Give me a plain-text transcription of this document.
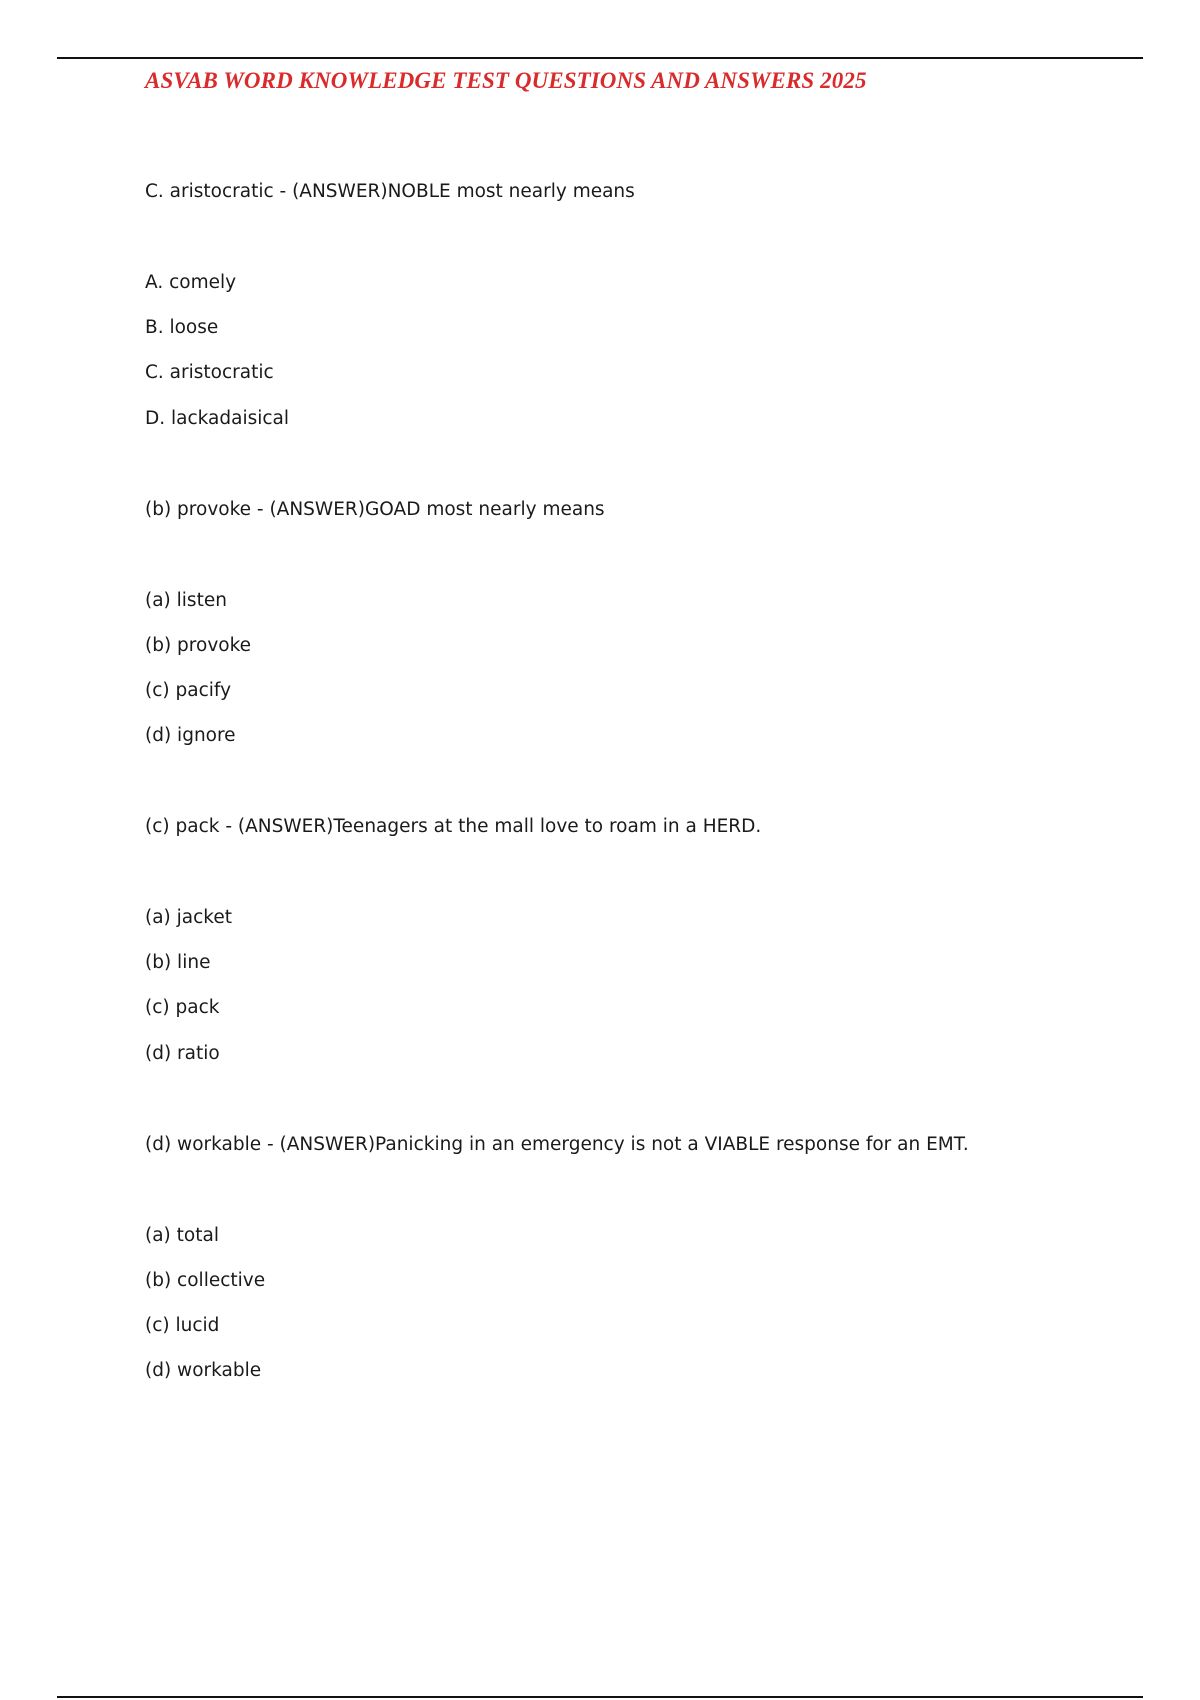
ASVAB WORD KNOWLEDGE TEST QUESTIONS AND ANSWERS 2025

C. aristocratic - (ANSWER)NOBLE most nearly means

A. comely

B. loose

C. aristocratic

D. lackadaisical

(b) provoke - (ANSWER)GOAD most nearly means

(a) listen

(b) provoke

(c) pacify

(d) ignore

(c) pack - (ANSWER)Teenagers at the mall love to roam in a HERD.

(a) jacket

(b) line

(c) pack

(d) ratio

(d) workable - (ANSWER)Panicking in an emergency is not a VIABLE response for an EMT.

(a) total

(b) collective

(c) lucid

(d) workable
